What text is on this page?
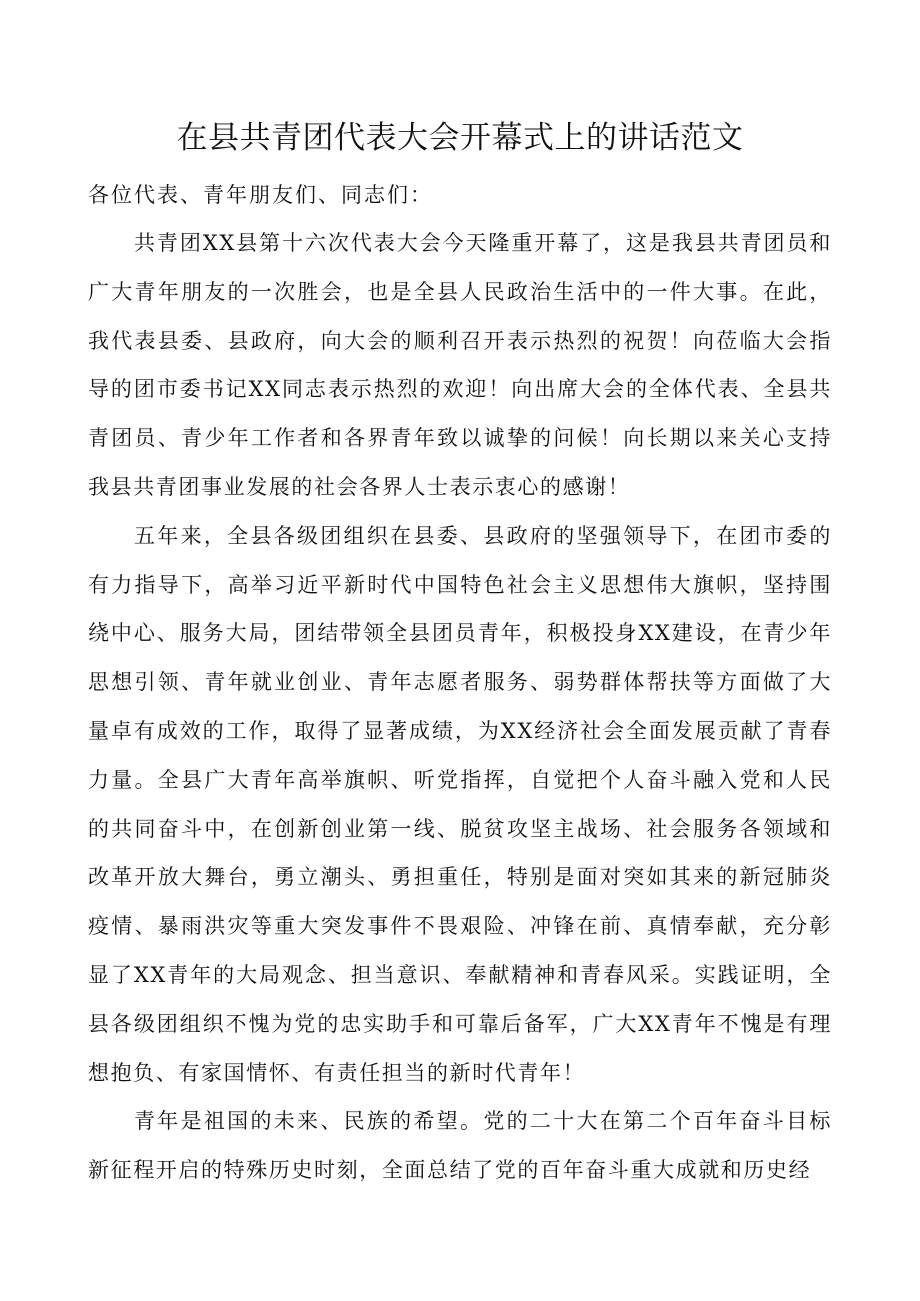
在县共青团代表大会开幕式上的讲话范文

各位代表、青年朋友们、同志们：

共青团XX县第十六次代表大会今天隆重开幕了，这是我县共青团员和广大青年朋友的一次胜会，也是全县人民政治生活中的一件大事。在此，我代表县委、县政府，向大会的顺利召开表示热烈的祝贺！向莅临大会指导的团市委书记XX同志表示热烈的欢迎！向出席大会的全体代表、全县共青团员、青少年工作者和各界青年致以诚挚的问候！向长期以来关心支持我县共青团事业发展的社会各界人士表示衷心的感谢！

五年来，全县各级团组织在县委、县政府的坚强领导下，在团市委的有力指导下，高举习近平新时代中国特色社会主义思想伟大旗帜，坚持围绕中心、服务大局，团结带领全县团员青年，积极投身XX建设，在青少年思想引领、青年就业创业、青年志愿者服务、弱势群体帮扶等方面做了大量卓有成效的工作，取得了显著成绩，为XX经济社会全面发展贡献了青春力量。全县广大青年高举旗帜、听党指挥，自觉把个人奋斗融入党和人民的共同奋斗中，在创新创业第一线、脱贫攻坚主战场、社会服务各领域和改革开放大舞台，勇立潮头、勇担重任，特别是面对突如其来的新冠肺炎疫情、暴雨洪灾等重大突发事件不畏艰险、冲锋在前、真情奉献，充分彰显了XX青年的大局观念、担当意识、奉献精神和青春风采。实践证明，全县各级团组织不愧为党的忠实助手和可靠后备军，广大XX青年不愧是有理想抱负、有家国情怀、有责任担当的新时代青年！

青年是祖国的未来、民族的希望。党的二十大在第二个百年奋斗目标新征程开启的特殊历史时刻，全面总结了党的百年奋斗重大成就和历史经
